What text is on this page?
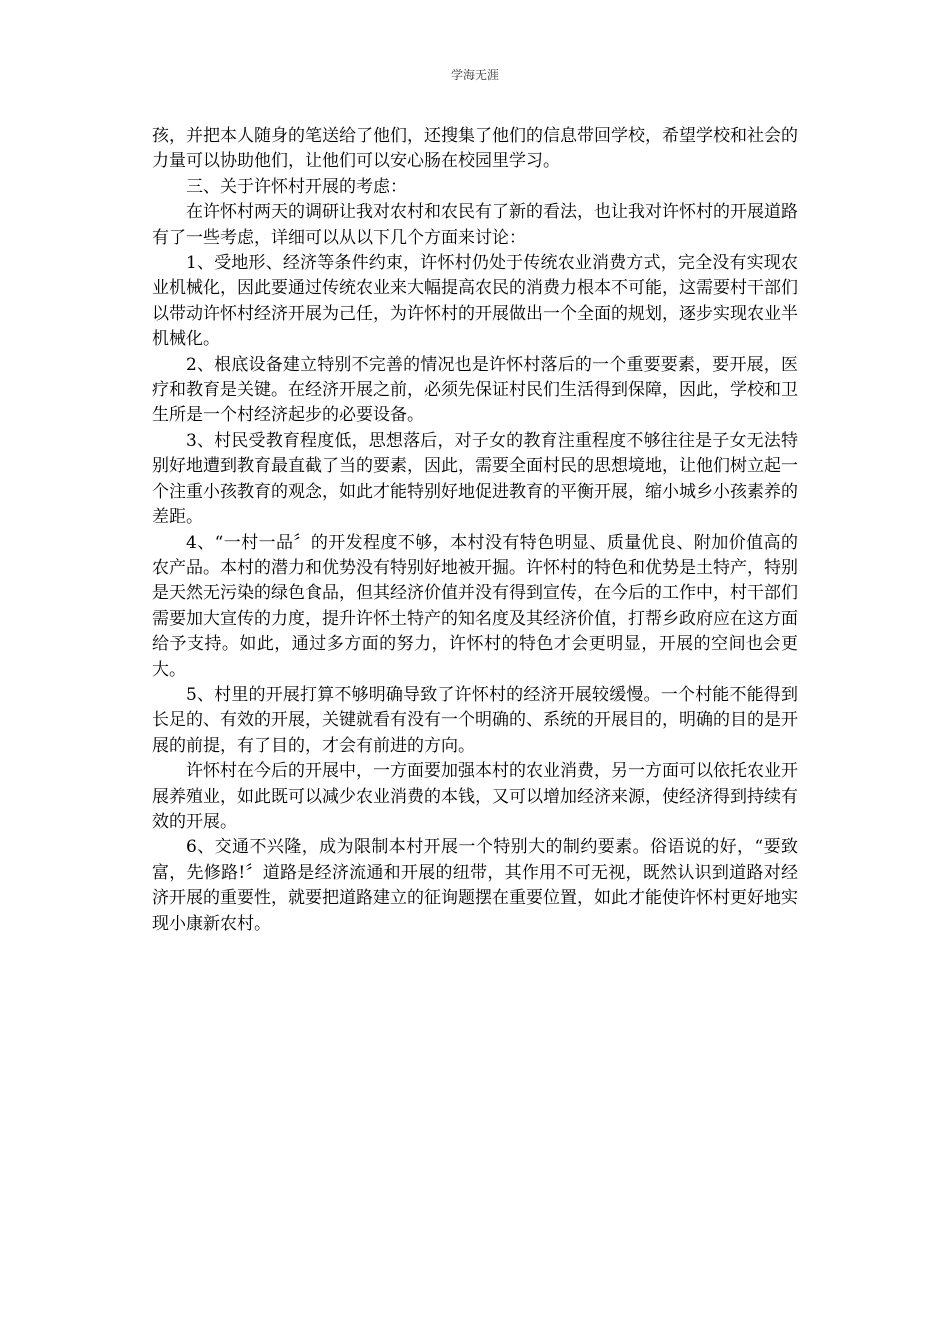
学海无涯

孩，并把本人随身的笔送给了他们，还搜集了他们的信息带回学校，希望学校和社会的力量可以协助他们，让他们可以安心肠在校园里学习。

三、关于许怀村开展的考虑：

在许怀村两天的调研让我对农村和农民有了新的看法，也让我对许怀村的开展道路有了一些考虑，详细可以从以下几个方面来讨论：

1、受地形、经济等条件约束，许怀村仍处于传统农业消费方式，完全没有实现农业机械化，因此要通过传统农业来大幅提高农民的消费力根本不可能，这需要村干部们以带动许怀村经济开展为己任，为许怀村的开展做出一个全面的规划，逐步实现农业半机械化。

2、根底设备建立特别不完善的情况也是许怀村落后的一个重要要素，要开展，医疗和教育是关键。在经济开展之前，必须先保证村民们生活得到保障，因此，学校和卫生所是一个村经济起步的必要设备。

3、村民受教育程度低，思想落后，对子女的教育注重程度不够往往是子女无法特别好地遭到教育最直截了当的要素，因此，需要全面村民的思想境地，让他们树立起一个注重小孩教育的观念，如此才能特别好地促进教育的平衡开展，缩小城乡小孩素养的差距。

4、“一村一品〞的开发程度不够，本村没有特色明显、质量优良、附加价值高的农产品。本村的潜力和优势没有特别好地被开掘。许怀村的特色和优势是土特产，特别是天然无污染的绿色食品，但其经济价值并没有得到宣传，在今后的工作中，村干部们需要加大宣传的力度，提升许怀土特产的知名度及其经济价值，打帮乡政府应在这方面给予支持。如此，通过多方面的努力，许怀村的特色才会更明显，开展的空间也会更大。

5、村里的开展打算不够明确导致了许怀村的经济开展较缓慢。一个村能不能得到长足的、有效的开展，关键就看有没有一个明确的、系统的开展目的，明确的目的是开展的前提，有了目的，才会有前进的方向。

许怀村在今后的开展中，一方面要加强本村的农业消费，另一方面可以依托农业开展养殖业，如此既可以减少农业消费的本钱，又可以增加经济来源，使经济得到持续有效的开展。

6、交通不兴隆，成为限制本村开展一个特别大的制约要素。俗语说的好，“要致富，先修路!〞道路是经济流通和开展的纽带，其作用不可无视，既然认识到道路对经济开展的重要性，就要把道路建立的征询题摆在重要位置，如此才能使许怀村更好地实现小康新农村。
